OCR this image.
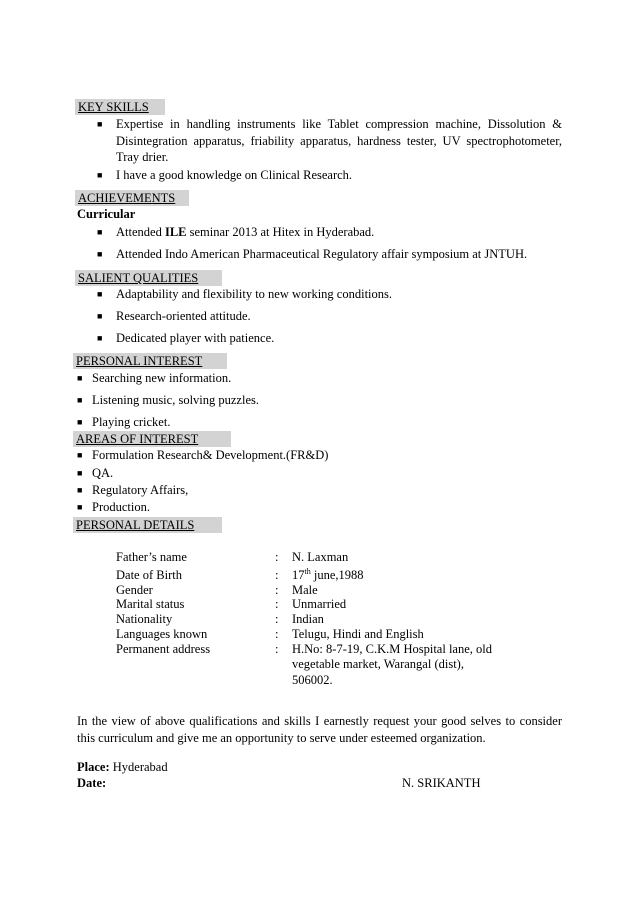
KEY SKILLS
■ Expertise in handling instruments like Tablet compression machine, Dissolution &
Disintegration apparatus, friability apparatus, hardness tester, UV spectrophotometer,
Tray drier.
■ I have a good knowledge on Clinical Research.
ACHIEVEMENTS
Curricular
■ Attended ILE seminar 2013 at Hitex in Hyderabad.
■ Attended Indo American Pharmaceutical Regulatory affair symposium at JNTUH.
SALIENT QUALITIES
■ Adaptability and flexibility to new working conditions.
■ Research-oriented attitude.
■ Dedicated player with patience.
PERSONAL INTEREST
■ Searching new information.
■ Listening music, solving puzzles.
■ Playing cricket.
AREAS OF INTEREST
■ Formulation Research& Development.(FR&D)
■ QA.
■ Regulatory Affairs,
■ Production.
PERSONAL DETAILS
Father’s name	: N. Laxman
Date of Birth	: 17th june,1988
Gender	: Male
Marital status	: Unmarried
Nationality	: Indian
Languages known	: Telugu, Hindi and English
Permanent address	: H.No: 8-7-19, C.K.M Hospital lane, old
vegetable market, Warangal (dist),
506002.
In the view of above qualifications and skills I earnestly request your good selves to consider
this curriculum and give me an opportunity to serve under esteemed organization.
Place: Hyderabad
Date:	N. SRIKANTH
